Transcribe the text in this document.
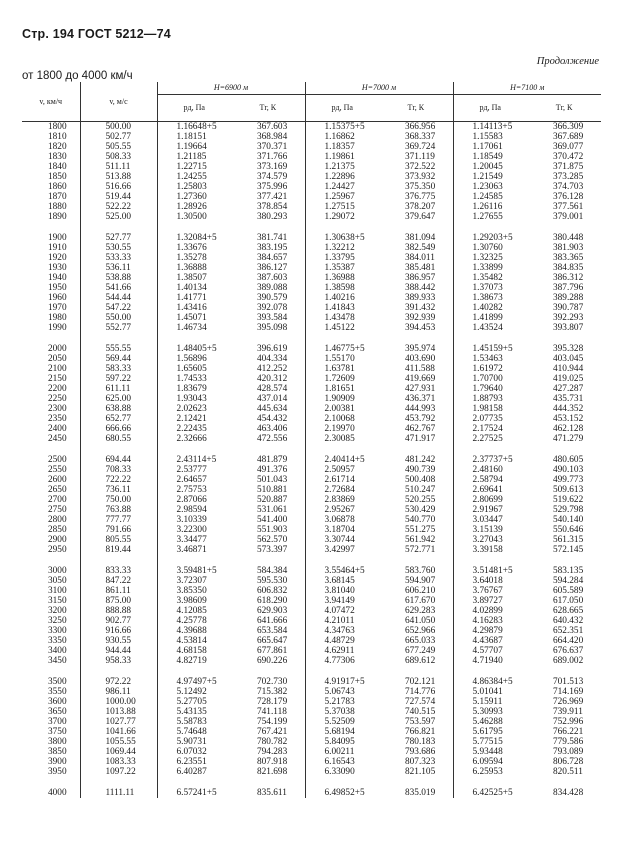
Стр. 194 ГОСТ 5212—74
Продолжение
от 1800 до 4000 км/ч
v, км/ч	v, м/с	H=6900 м		H=7000 м		H=7100 м	
		pд, Па	Tг, К	pд, Па	Tг, К	pд, Па	Tг, К
1800	500.00	1.16648+5	367.603	1.15375+5	366.956	1.14113+5	366.309
1810	502.77	1.18151	368.984	1.16862	368.337	1.15583	367.689
1820	505.55	1.19664	370.371	1.18357	369.724	1.17061	369.077
1830	508.33	1.21185	371.766	1.19861	371.119	1.18549	370.472
1840	511.11	1.22715	373.169	1.21375	372.522	1.20045	371.875
1850	513.88	1.24255	374.579	1.22896	373.932	1.21549	373.285
1860	516.66	1.25803	375.996	1.24427	375.350	1.23063	374.703
1870	519.44	1.27360	377.421	1.25967	376.775	1.24585	376.128
1880	522.22	1.28926	378.854	1.27515	378.207	1.26116	377.561
1890	525.00	1.30500	380.293	1.29072	379.647	1.27655	379.001

1900	527.77	1.32084+5	381.741	1.30638+5	381.094	1.29203+5	380.448
1910	530.55	1.33676	383.195	1.32212	382.549	1.30760	381.903
1920	533.33	1.35278	384.657	1.33795	384.011	1.32325	383.365
1930	536.11	1.36888	386.127	1.35387	385.481	1.33899	384.835
1940	538.88	1.38507	387.603	1.36988	386.957	1.35482	386.312
1950	541.66	1.40134	389.088	1.38598	388.442	1.37073	387.796
1960	544.44	1.41771	390.579	1.40216	389.933	1.38673	389.288
1970	547.22	1.43416	392.078	1.41843	391.432	1.40282	390.787
1980	550.00	1.45071	393.584	1.43478	392.939	1.41899	392.293
1990	552.77	1.46734	395.098	1.45122	394.453	1.43524	393.807

2000	555.55	1.48405+5	396.619	1.46775+5	395.974	1.45159+5	395.328
2050	569.44	1.56896	404.334	1.55170	403.690	1.53463	403.045
2100	583.33	1.65605	412.252	1.63781	411.588	1.61972	410.944
2150	597.22	1.74533	420.312	1.72609	419.669	1.70700	419.025
2200	611.11	1.83679	428.574	1.81651	427.931	1.79640	427.287
2250	625.00	1.93043	437.014	1.90909	436.371	1.88793	435.731
2300	638.88	2.02623	445.634	2.00381	444.993	1.98158	444.352
2350	652.77	2.12421	454.432	2.10068	453.792	2.07735	453.152
2400	666.66	2.22435	463.406	2.19970	462.767	2.17524	462.128
2450	680.55	2.32666	472.556	2.30085	471.917	2.27525	471.279

2500	694.44	2.43114+5	481.879	2.40414+5	481.242	2.37737+5	480.605
2550	708.33	2.53777	491.376	2.50957	490.739	2.48160	490.103
2600	722.22	2.64657	501.043	2.61714	500.408	2.58794	499.773
2650	736.11	2.75753	510.881	2.72684	510.247	2.69641	509.613
2700	750.00	2.87066	520.887	2.83869	520.255	2.80699	519.622
2750	763.88	2.98594	531.061	2.95267	530.429	2.91967	529.798
2800	777.77	3.10339	541.400	3.06878	540.770	3.03447	540.140
2850	791.66	3.22300	551.903	3.18704	551.275	3.15139	550.646
2900	805.55	3.34477	562.570	3.30744	561.942	3.27043	561.315
2950	819.44	3.46871	573.397	3.42997	572.771	3.39158	572.145

3000	833.33	3.59481+5	584.384	3.55464+5	583.760	3.51481+5	583.135
3050	847.22	3.72307	595.530	3.68145	594.907	3.64018	594.284
3100	861.11	3.85350	606.832	3.81040	606.210	3.76767	605.589
3150	875.00	3.98609	618.290	3.94149	617.670	3.89727	617.050
3200	888.88	4.12085	629.903	4.07472	629.283	4.02899	628.665
3250	902.77	4.25778	641.666	4.21011	641.050	4.16283	640.432
3300	916.66	4.39688	653.584	4.34763	652.966	4.29879	652.351
3350	930.55	4.53814	665.647	4.48729	665.033	4.43687	664.420
3400	944.44	4.68158	677.861	4.62911	677.249	4.57707	676.637
3450	958.33	4.82719	690.226	4.77306	689.612	4.71940	689.002

3500	972.22	4.97497+5	702.730	4.91917+5	702.121	4.86384+5	701.513
3550	986.11	5.12492	715.382	5.06743	714.776	5.01041	714.169
3600	1000.00	5.27705	728.179	5.21783	727.574	5.15911	726.969
3650	1013.88	5.43135	741.118	5.37038	740.515	5.30993	739.911
3700	1027.77	5.58783	754.199	5.52509	753.597	5.46288	752.996
3750	1041.66	5.74648	767.421	5.68194	766.821	5.61795	766.221
3800	1055.55	5.90731	780.782	5.84095	780.183	5.77515	779.586
3850	1069.44	6.07032	794.283	6.00211	793.686	5.93448	793.089
3900	1083.33	6.23551	807.918	6.16543	807.323	6.09594	806.728
3950	1097.22	6.40287	821.698	6.33090	821.105	6.25953	820.511

4000	1111.11	6.57241+5	835.611	6.49852+5	835.019	6.42525+5	834.428
